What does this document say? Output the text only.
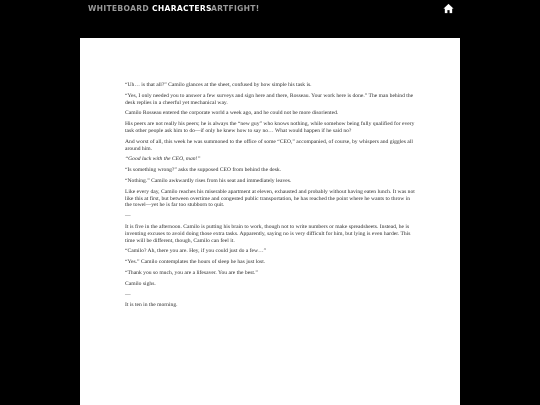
WHITEBOARD CHARACTERS ARTFIGHT!

“Uh… is that all?” Camilo glances at the sheet, confused by how simple his task is.

“Yes, I only needed you to answer a few surveys and sign here and there, Rosseau. Your work here is done.” The man behind the desk replies in a cheerful yet mechanical way.

Camilo Rosseau entered the corporate world a week ago, and he could not be more disoriented.

His peers are not really his peers; he is always the “new guy” who knows nothing, while somehow being fully qualified for every task other people ask him to do—if only he knew how to say no… What would happen if he said no?

And worst of all, this week he was summoned to the office of some “CEO,” accompanied, of course, by whispers and giggles all around him.

“Good luck with the CEO, man!”

“Is something wrong?” asks the supposed CEO from behind the desk.

“Nothing.” Camilo awkwardly rises from his seat and immediately leaves.

Like every day, Camilo reaches his miserable apartment at eleven, exhausted and probably without having eaten lunch. It was not like this at first, but between overtime and congested public transportation, he has reached the point where he wants to throw in the towel—yet he is far too stubborn to quit.

—

It is five in the afternoon. Camilo is putting his brain to work, though not to write numbers or make spreadsheets. Instead, he is inventing excuses to avoid doing those extra tasks. Apparently, saying no is very difficult for him, but lying is even harder. This time will be different, though, Camilo can feel it.

“Camilo? Ah, there you are. Hey, if you could just do a few…”

“Yes.” Camilo contemplates the hours of sleep he has just lost.

“Thank you so much, you are a lifesaver. You are the best.”

Camilo sighs.

—

It is ten in the morning.
